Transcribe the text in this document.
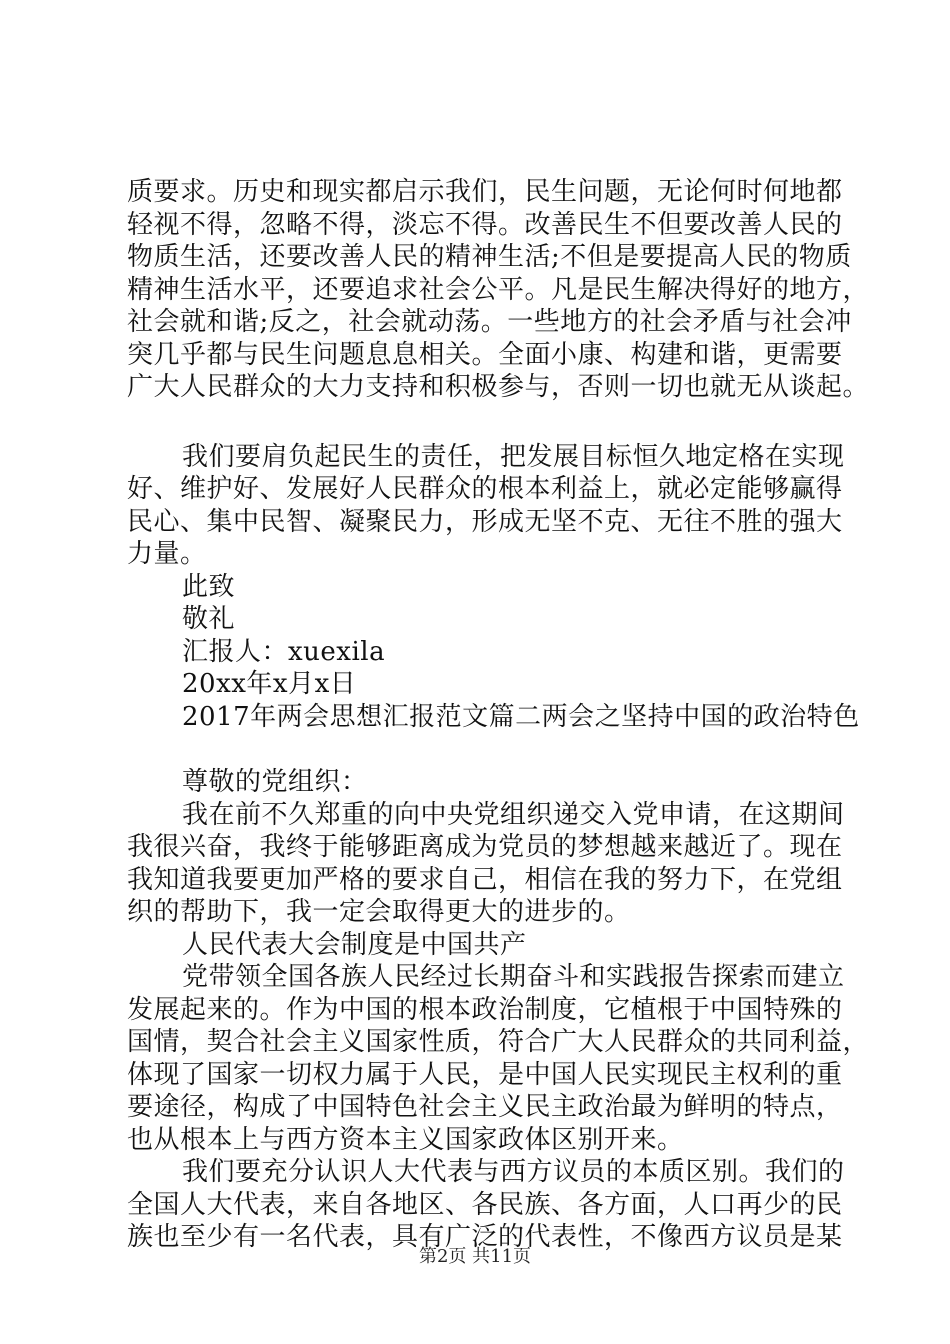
质要求。历史和现实都启示我们，民生问题，无论何时何地都
轻视不得，忽略不得，淡忘不得。改善民生不但要改善人民的
物质生活，还要改善人民的精神生活;不但是要提高人民的物质
精神生活水平，还要追求社会公平。凡是民生解决得好的地方，
社会就和谐;反之，社会就动荡。一些地方的社会矛盾与社会冲
突几乎都与民生问题息息相关。全面小康、构建和谐，更需要
广大人民群众的大力支持和积极参与，否则一切也就无从谈起。
我们要肩负起民生的责任，把发展目标恒久地定格在实现
好、维护好、发展好人民群众的根本利益上，就必定能够赢得
民心、集中民智、凝聚民力，形成无坚不克、无往不胜的强大
力量。
此致
敬礼
汇报人：xuexila
20xx年x月x日
2017年两会思想汇报范文篇二两会之坚持中国的政治特色
尊敬的党组织：
我在前不久郑重的向中央党组织递交入党申请，在这期间
我很兴奋，我终于能够距离成为党员的梦想越来越近了。现在
我知道我要更加严格的要求自己，相信在我的努力下，在党组
织的帮助下，我一定会取得更大的进步的。
人民代表大会制度是中国共产
党带领全国各族人民经过长期奋斗和实践报告探索而建立
发展起来的。作为中国的根本政治制度，它植根于中国特殊的
国情，契合社会主义国家性质，符合广大人民群众的共同利益，
体现了国家一切权力属于人民，是中国人民实现民主权利的重
要途径，构成了中国特色社会主义民主政治最为鲜明的特点，
也从根本上与西方资本主义国家政体区别开来。
我们要充分认识人大代表与西方议员的本质区别。我们的
全国人大代表，来自各地区、各民族、各方面，人口再少的民
族也至少有一名代表，具有广泛的代表性，不像西方议员是某
第2页 共11页
